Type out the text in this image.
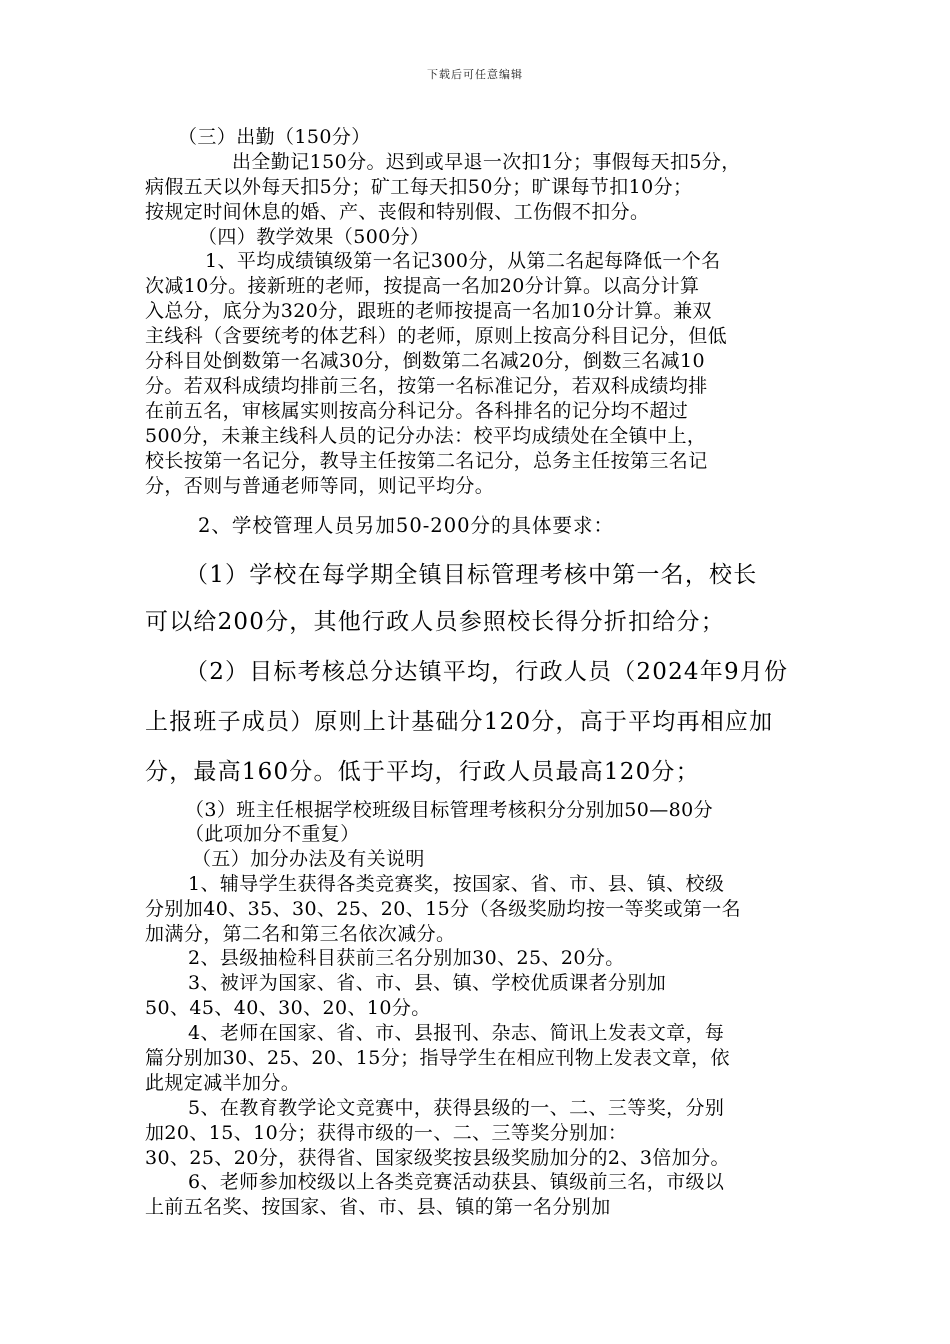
下载后可任意编辑
（三）出勤（150分）
出全勤记150分。迟到或早退一次扣1分；事假每天扣5分，
病假五天以外每天扣5分；矿工每天扣50分；旷课每节扣10分；
按规定时间休息的婚、产、丧假和特别假、工伤假不扣分。
（四）教学效果（500分）
1、平均成绩镇级第一名记300分，从第二名起每降低一个名
次减10分。接新班的老师，按提高一名加20分计算。以高分计算
入总分，底分为320分，跟班的老师按提高一名加10分计算。兼双
主线科（含要统考的体艺科）的老师，原则上按高分科目记分，但低
分科目处倒数第一名减30分，倒数第二名减20分，倒数三名减10
分。若双科成绩均排前三名，按第一名标准记分，若双科成绩均排
在前五名，审核属实则按高分科记分。各科排名的记分均不超过
500分，未兼主线科人员的记分办法：校平均成绩处在全镇中上，
校长按第一名记分，教导主任按第二名记分，总务主任按第三名记
分，否则与普通老师等同，则记平均分。
2、学校管理人员另加50-200分的具体要求：
（1）学校在每学期全镇目标管理考核中第一名，校长
可以给200分，其他行政人员参照校长得分折扣给分；
（2）目标考核总分达镇平均，行政人员（2024年9月份
上报班子成员）原则上计基础分120分，高于平均再相应加
分，最高160分。低于平均，行政人员最高120分；
（3）班主任根据学校班级目标管理考核积分分别加50—80分
（此项加分不重复）
（五）加分办法及有关说明
1、辅导学生获得各类竞赛奖，按国家、省、市、县、镇、校级
分别加40、35、30、25、20、15分（各级奖励均按一等奖或第一名
加满分，第二名和第三名依次减分。
2、县级抽检科目获前三名分别加30、25、20分。
3、被评为国家、省、市、县、镇、学校优质课者分别加
50、45、40、30、20、10分。
4、老师在国家、省、市、县报刊、杂志、简讯上发表文章，每
篇分别加30、25、20、15分；指导学生在相应刊物上发表文章，依
此规定减半加分。
5、在教育教学论文竞赛中，获得县级的一、二、三等奖，分别
加20、15、10分；获得市级的一、二、三等奖分别加：
30、25、20分，获得省、国家级奖按县级奖励加分的2、3倍加分。
6、老师参加校级以上各类竞赛活动获县、镇级前三名，市级以
上前五名奖、按国家、省、市、县、镇的第一名分别加
